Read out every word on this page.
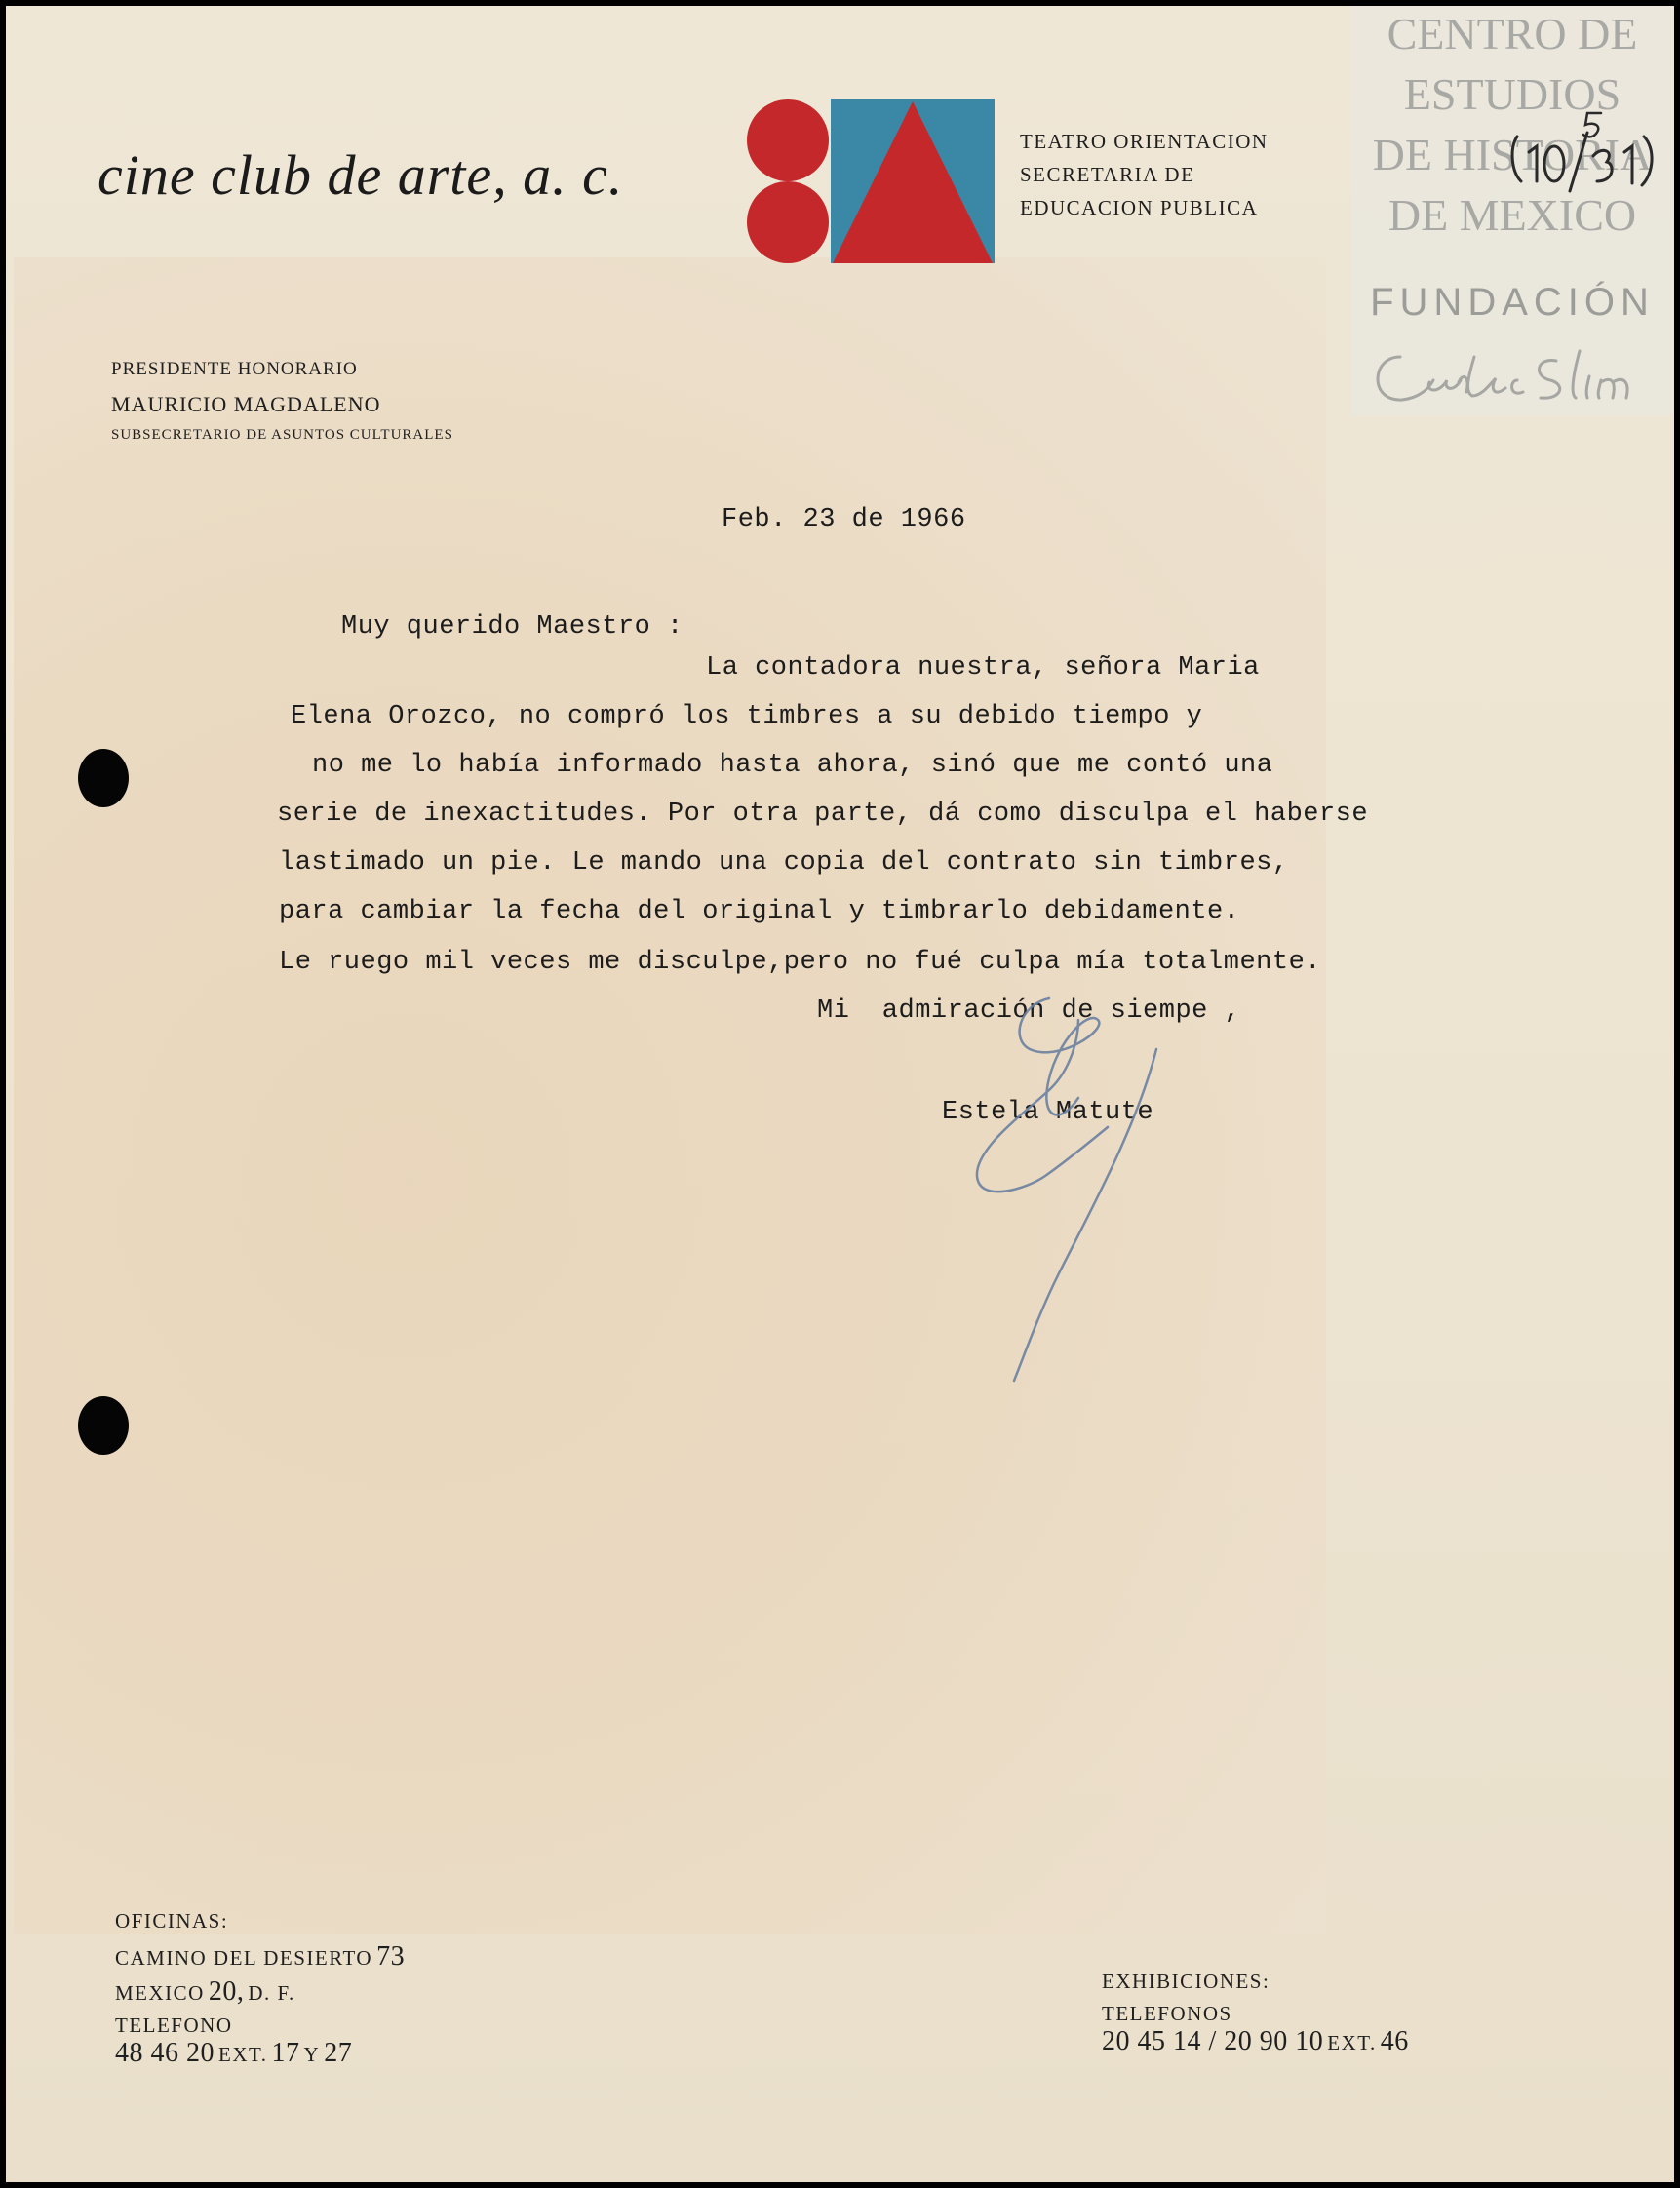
cine club de arte, a. c.
TEATRO ORIENTACION
SECRETARIA DE
EDUCACION PUBLICA
PRESIDENTE HONORARIO
MAURICIO MAGDALENO
SUBSECRETARIO DE ASUNTOS CULTURALES
CENTRO DE
ESTUDIOS
DE HISTORIA
DE MEXICO
FUNDACIÓN
Feb. 23 de 1966
Muy querido Maestro :
La contadora nuestra, señora Maria
Elena Orozco, no compró los timbres a su debido tiempo y
no me lo había informado hasta ahora, sinó que me contó una
serie de inexactitudes. Por otra parte, dá como disculpa el haberse
lastimado un pie. Le mando una copia del contrato sin timbres,
para cambiar la fecha del original y timbrarlo debidamente.
Le ruego mil veces me disculpe,pero no fué culpa mía totalmente.
Mi  admiración de siempe ,
Estela Matute
OFICINAS:
CAMINO DEL DESIERTO 73
MEXICO 20, D. F.
TELEFONO
48 46 20 EXT. 17 Y 27
EXHIBICIONES:
TELEFONOS
20 45 14 / 20 90 10 EXT. 46
